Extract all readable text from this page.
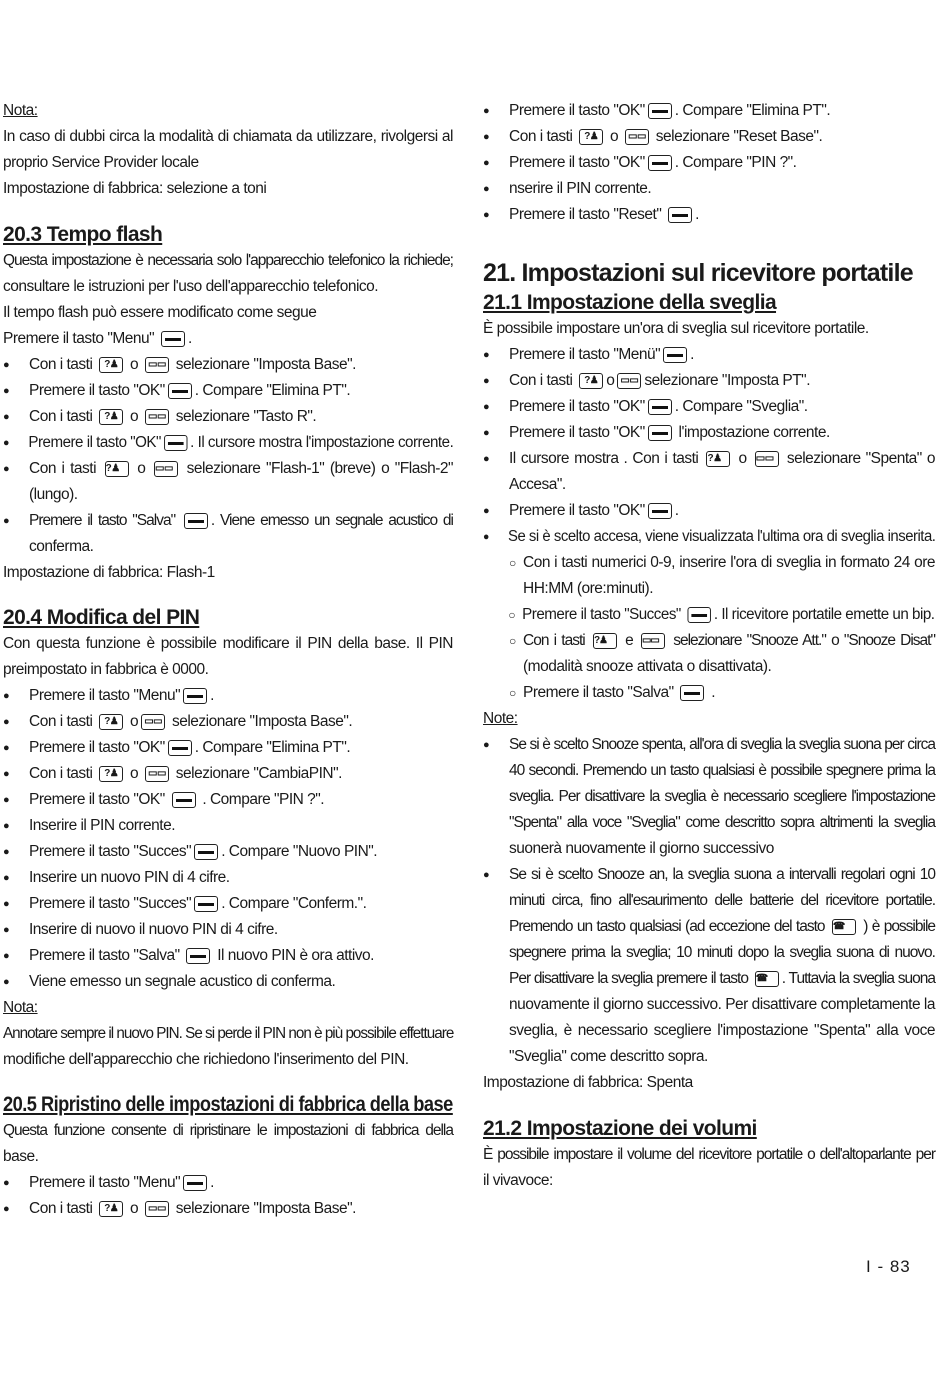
Nota:
In caso di dubbi circa la modalità di chiamata da utilizzare, rivolgersi al
proprio Service Provider locale
Impostazione di fabbrica: selezione a toni
20.3 Tempo flash
Questa impostazione è necessaria solo l'apparecchio telefonico la richiede;
consultare le istruzioni per l'uso dell'apparecchio telefonico.
Il tempo flash può essere modificato come segue
Premere il tasto "Menu" .
● Con i tasti ?♟ o ▭▭ selezionare "Imposta Base".
● Premere il tasto "OK" . Compare "Elimina PT".
● Con i tasti ?♟ o ▭▭ selezionare "Tasto R".
● Premere il tasto "OK" . Il cursore mostra l'impostazione corrente.
● Con i tasti ?♟ o ▭▭ selezionare "Flash-1" (breve) o "Flash-2"
(lungo).
● Premere il tasto "Salva" . Viene emesso un segnale acustico di
conferma.
Impostazione di fabbrica: Flash-1
20.4 Modifica del PIN
Con questa funzione è possibile modificare il PIN della base. Il PIN
preimpostato in fabbrica è 0000.
● Premere il tasto "Menu" .
● Con i tasti ?♟ o ▭▭ selezionare "Imposta Base".
● Premere il tasto "OK" . Compare "Elimina PT".
● Con i tasti ?♟ o ▭▭ selezionare "CambiaPIN".
● Premere il tasto "OK"  . Compare "PIN ?".
● Inserire il PIN corrente.
● Premere il tasto "Succes" . Compare "Nuovo PIN".
● Inserire un nuovo PIN di 4 cifre.
● Premere il tasto "Succes" . Compare "Conferm.".
● Inserire di nuovo il nuovo PIN di 4 cifre.
● Premere il tasto "Salva"  Il nuovo PIN è ora attivo.
● Viene emesso un segnale acustico di conferma.
Nota:
Annotare sempre il nuovo PIN. Se si perde il PIN non è più possibile effettuare
modifiche dell'apparecchio che richiedono l'inserimento del PIN.
20.5 Ripristino delle impostazioni di fabbrica della base
Questa funzione consente di ripristinare le impostazioni di fabbrica della
base.
● Premere il tasto "Menu" .
● Con i tasti ?♟ o ▭▭ selezionare "Imposta Base".
● Premere il tasto "OK" . Compare "Elimina PT".
● Con i tasti ?♟ o ▭▭ selezionare "Reset Base".
● Premere il tasto "OK" . Compare "PIN ?".
● nserire il PIN corrente.
● Premere il tasto "Reset" .
21. Impostazioni sul ricevitore portatile
21.1 Impostazione della sveglia
È possibile impostare un'ora di sveglia sul ricevitore portatile.
● Premere il tasto "Menü" .
● Con i tasti ?♟ o ▭▭ selezionare "Imposta PT".
● Premere il tasto "OK" . Compare "Sveglia".
● Premere il tasto "OK" l'impostazione corrente.
● Il cursore mostra . Con i tasti ?♟ o ▭▭ selezionare "Spenta" o
Accesa".
● Premere il tasto "OK" .
● Se si è scelto accesa, viene visualizzata l'ultima ora di sveglia inserita.
○ Con i tasti numerici 0-9, inserire l'ora di sveglia in formato 24 ore
HH:MM (ore:minuti).
○ Premere il tasto "Succes" . Il ricevitore portatile emette un bip.
○ Con i tasti ?♟ e ▭▭ selezionare "Snooze Att." o "Snooze Disat"
(modalità snooze attivata o disattivata).
○ Premere il tasto "Salva"  .
Note:
● Se si è scelto Snooze spenta, all'ora di sveglia la sveglia suona per circa
40 secondi. Premendo un tasto qualsiasi è possibile spegnere prima la
sveglia. Per disattivare la sveglia è necessario scegliere l'impostazione
"Spenta" alla voce "Sveglia" come descritto sopra altrimenti la sveglia
suonerà nuovamente il giorno successivo
● Se si è scelto Snooze an, la sveglia suona a intervalli regolari ogni 10
minuti circa, fino all'esaurimento delle batterie del ricevitore portatile.
Premendo un tasto qualsiasi (ad eccezione del tasto ☎ ) è possibile
spegnere prima la sveglia; 10 minuti dopo la sveglia suona di nuovo.
Per disattivare la sveglia premere il tasto ☎ . Tuttavia la sveglia suona
nuovamente il giorno successivo. Per disattivare completamente la
sveglia, è necessario scegliere l'impostazione "Spenta" alla voce
"Sveglia" come descritto sopra.
Impostazione di fabbrica: Spenta
21.2 Impostazione dei volumi
È possibile impostare il volume del ricevitore portatile o dell'altoparlante per
il vivavoce:
I - 83
